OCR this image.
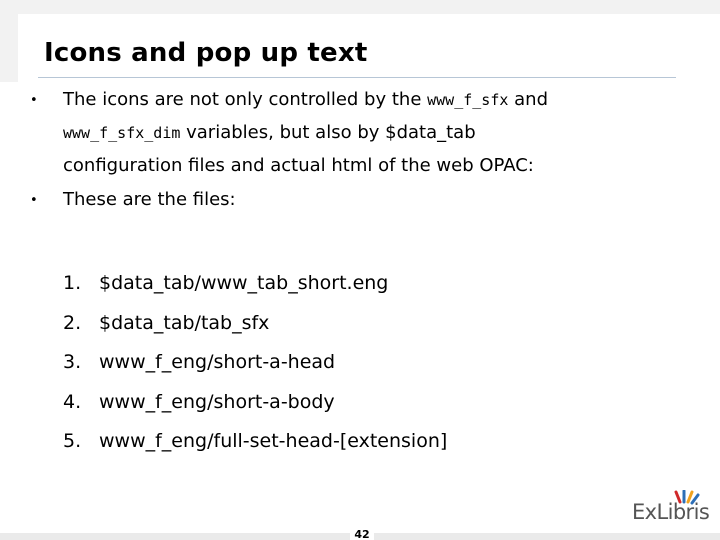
Icons and pop up text
• The icons are not only controlled by the www_f_sfx and
www_f_sfx_dim variables, but also by $data_tab
configuration files and actual html of the web OPAC:
• These are the files:
1. $data_tab/www_tab_short.eng
2. $data_tab/tab_sfx
3. www_f_eng/short-a-head
4. www_f_eng/short-a-body
5. www_f_eng/full-set-head-[extension]
42
ExLibris
